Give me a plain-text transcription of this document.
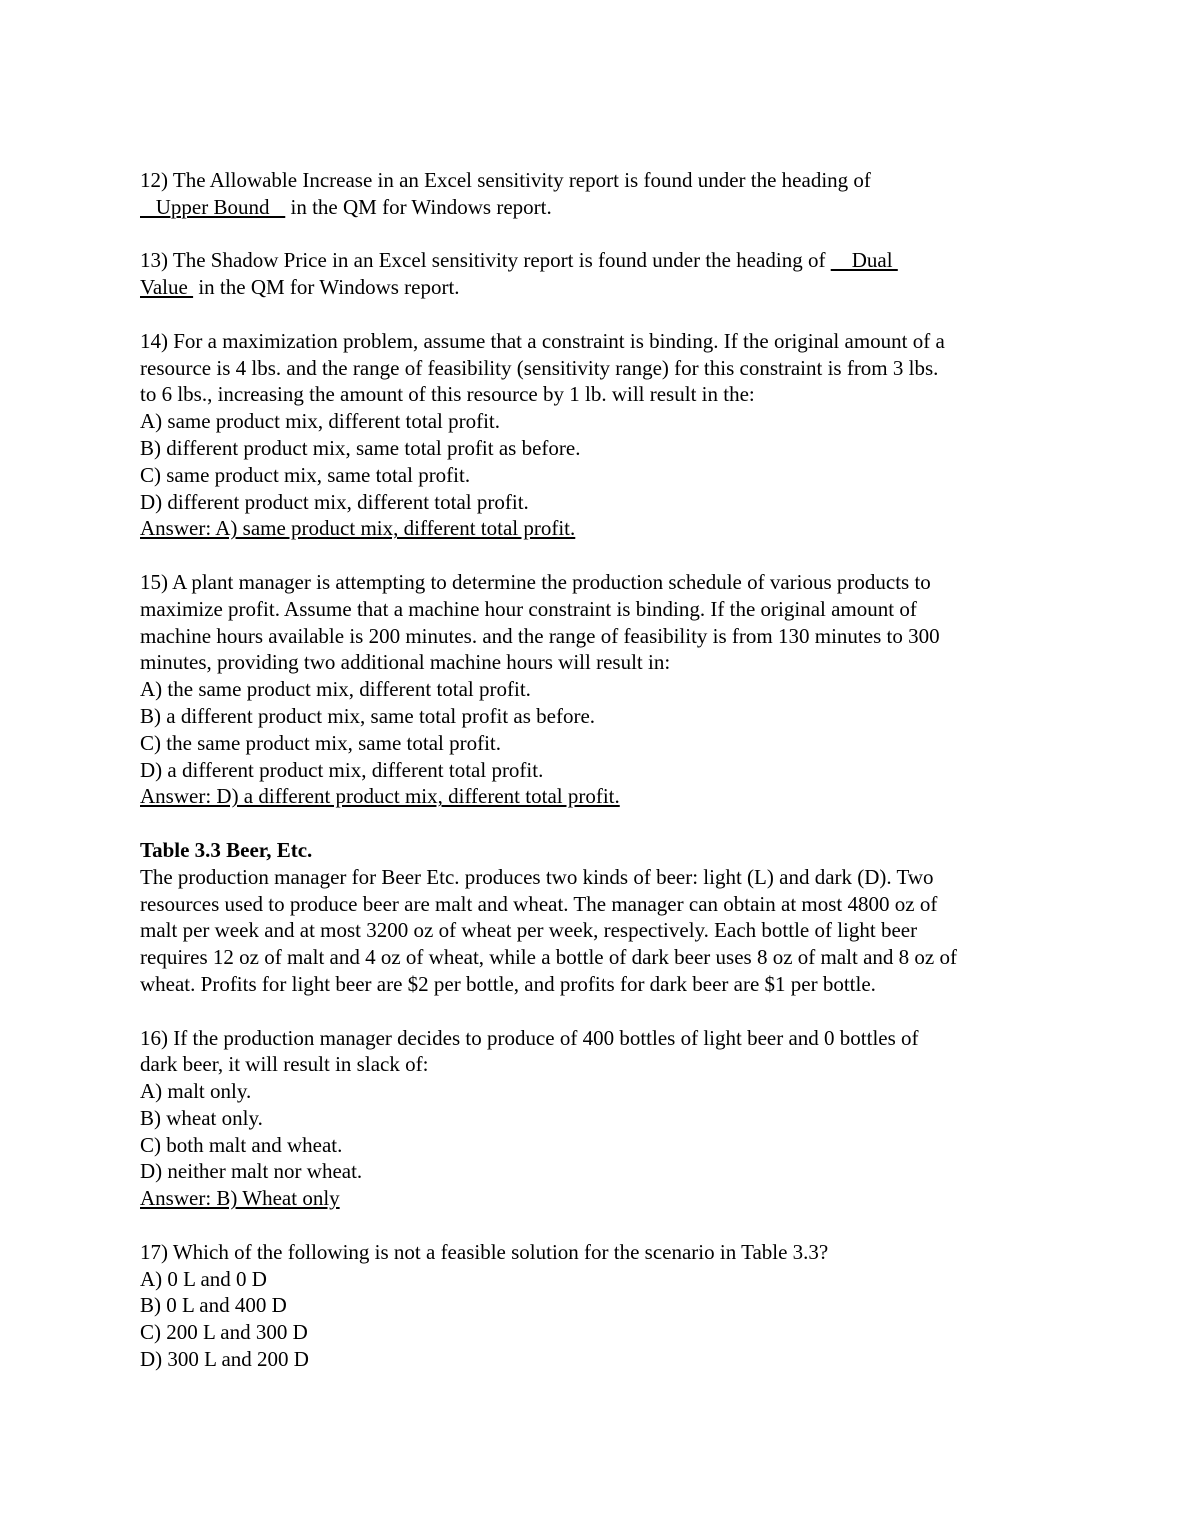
12) The Allowable Increase in an Excel sensitivity report is found under the heading of
Upper Bound    in the QM for Windows report.
13) The Shadow Price in an Excel sensitivity report is found under the heading of     Dual
Value  in the QM for Windows report.
14) For a maximization problem, assume that a constraint is binding. If the original amount of a
resource is 4 lbs. and the range of feasibility (sensitivity range) for this constraint is from 3 lbs.
to 6 lbs., increasing the amount of this resource by 1 lb. will result in the:
A) same product mix, different total profit.
B) different product mix, same total profit as before.
C) same product mix, same total profit.
D) different product mix, different total profit.
Answer: A) same product mix, different total profit.
15) A plant manager is attempting to determine the production schedule of various products to
maximize profit. Assume that a machine hour constraint is binding. If the original amount of
machine hours available is 200 minutes. and the range of feasibility is from 130 minutes to 300
minutes, providing two additional machine hours will result in:
A) the same product mix, different total profit.
B) a different product mix, same total profit as before.
C) the same product mix, same total profit.
D) a different product mix, different total profit.
Answer: D) a different product mix, different total profit.
Table 3.3 Beer, Etc.
The production manager for Beer Etc. produces two kinds of beer: light (L) and dark (D). Two
resources used to produce beer are malt and wheat. The manager can obtain at most 4800 oz of
malt per week and at most 3200 oz of wheat per week, respectively. Each bottle of light beer
requires 12 oz of malt and 4 oz of wheat, while a bottle of dark beer uses 8 oz of malt and 8 oz of
wheat. Profits for light beer are $2 per bottle, and profits for dark beer are $1 per bottle.
16) If the production manager decides to produce of 400 bottles of light beer and 0 bottles of
dark beer, it will result in slack of:
A) malt only.
B) wheat only.
C) both malt and wheat.
D) neither malt nor wheat.
Answer: B) Wheat only
17) Which of the following is not a feasible solution for the scenario in Table 3.3?
A) 0 L and 0 D
B) 0 L and 400 D
C) 200 L and 300 D
D) 300 L and 200 D
